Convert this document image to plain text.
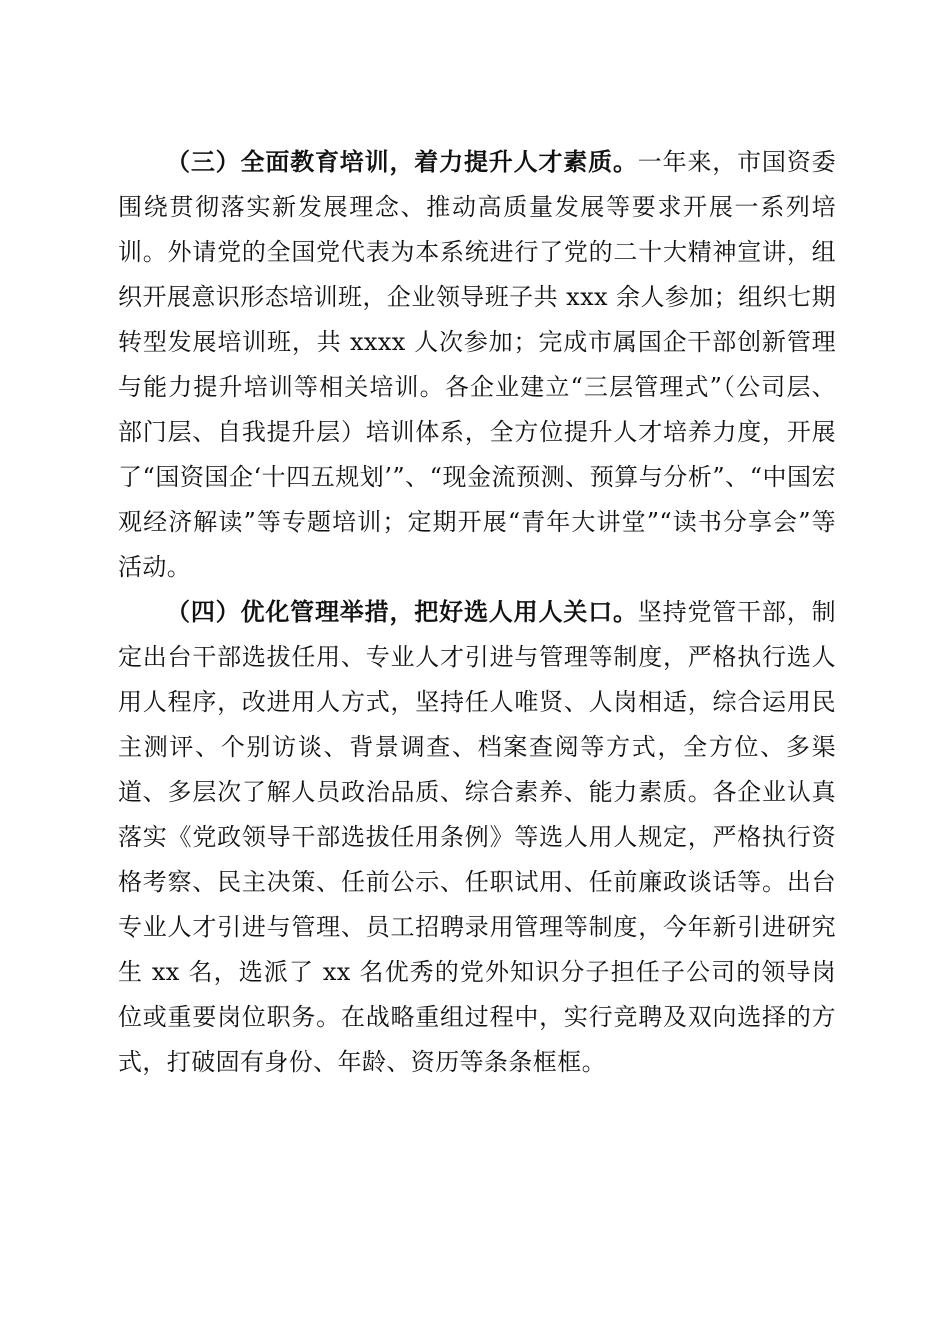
（三）全面教育培训，着力提升人才素质。一年来，市国资委围绕贯彻落实新发展理念、推动高质量发展等要求开展一系列培训。外请党的全国党代表为本系统进行了党的二十大精神宣讲，组织开展意识形态培训班，企业领导班子共 xxx 余人参加；组织七期转型发展培训班，共 xxxx 人次参加；完成市属国企干部创新管理与能力提升培训等相关培训。各企业建立“三层管理式”（公司层、部门层、自我提升层）培训体系，全方位提升人才培养力度，开展了“国资国企‘十四五规划’”、“现金流预测、预算与分析”、“中国宏观经济解读”等专题培训；定期开展“青年大讲堂”“读书分享会”等活动。

（四）优化管理举措，把好选人用人关口。坚持党管干部，制定出台干部选拔任用、专业人才引进与管理等制度，严格执行选人用人程序，改进用人方式，坚持任人唯贤、人岗相适，综合运用民主测评、个别访谈、背景调查、档案查阅等方式，全方位、多渠道、多层次了解人员政治品质、综合素养、能力素质。各企业认真落实《党政领导干部选拔任用条例》等选人用人规定，严格执行资格考察、民主决策、任前公示、任职试用、任前廉政谈话等。出台专业人才引进与管理、员工招聘录用管理等制度，今年新引进研究生 xx 名，选派了 xx 名优秀的党外知识分子担任子公司的领导岗位或重要岗位职务。在战略重组过程中，实行竞聘及双向选择的方式，打破固有身份、年龄、资历等条条框框。
